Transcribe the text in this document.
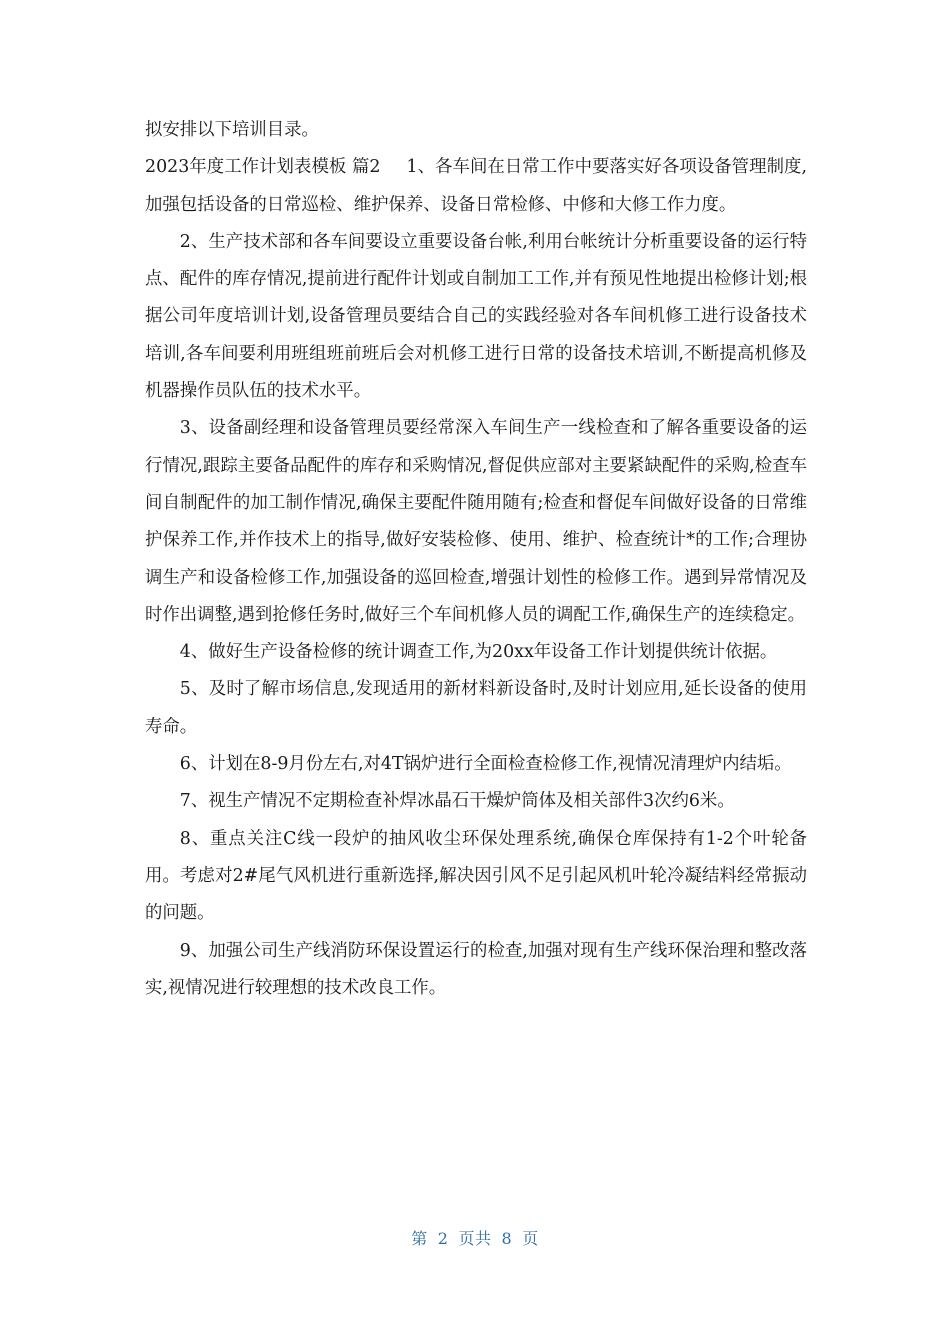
拟安排以下培训目录。

2023年度工作计划表模板 篇2 1、各车间在日常工作中要落实好各项设备管理制度,加强包括设备的日常巡检、维护保养、设备日常检修、中修和大修工作力度。

2、生产技术部和各车间要设立重要设备台帐,利用台帐统计分析重要设备的运行特点、配件的库存情况,提前进行配件计划或自制加工工作,并有预见性地提出检修计划;根据公司年度培训计划,设备管理员要结合自己的实践经验对各车间机修工进行设备技术培训,各车间要利用班组班前班后会对机修工进行日常的设备技术培训,不断提高机修及机器操作员队伍的技术水平。

3、设备副经理和设备管理员要经常深入车间生产一线检查和了解各重要设备的运行情况,跟踪主要备品配件的库存和采购情况,督促供应部对主要紧缺配件的采购,检查车间自制配件的加工制作情况,确保主要配件随用随有;检查和督促车间做好设备的日常维护保养工作,并作技术上的指导,做好安装检修、使用、维护、检查统计*的工作;合理协调生产和设备检修工作,加强设备的巡回检查,增强计划性的检修工作。遇到异常情况及时作出调整,遇到抢修任务时,做好三个车间机修人员的调配工作,确保生产的连续稳定。

4、做好生产设备检修的统计调查工作,为20xx年设备工作计划提供统计依据。

5、及时了解市场信息,发现适用的新材料新设备时,及时计划应用,延长设备的使用寿命。

6、计划在8-9月份左右,对4T锅炉进行全面检查检修工作,视情况清理炉内结垢。

7、视生产情况不定期检查补焊冰晶石干燥炉筒体及相关部件3次约6米。

8、重点关注C线一段炉的抽风收尘环保处理系统,确保仓库保持有1-2个叶轮备用。考虑对2#尾气风机进行重新选择,解决因引风不足引起风机叶轮冷凝结料经常振动的问题。

9、加强公司生产线消防环保设置运行的检查,加强对现有生产线环保治理和整改落实,视情况进行较理想的技术改良工作。

第 2 页共 8 页
